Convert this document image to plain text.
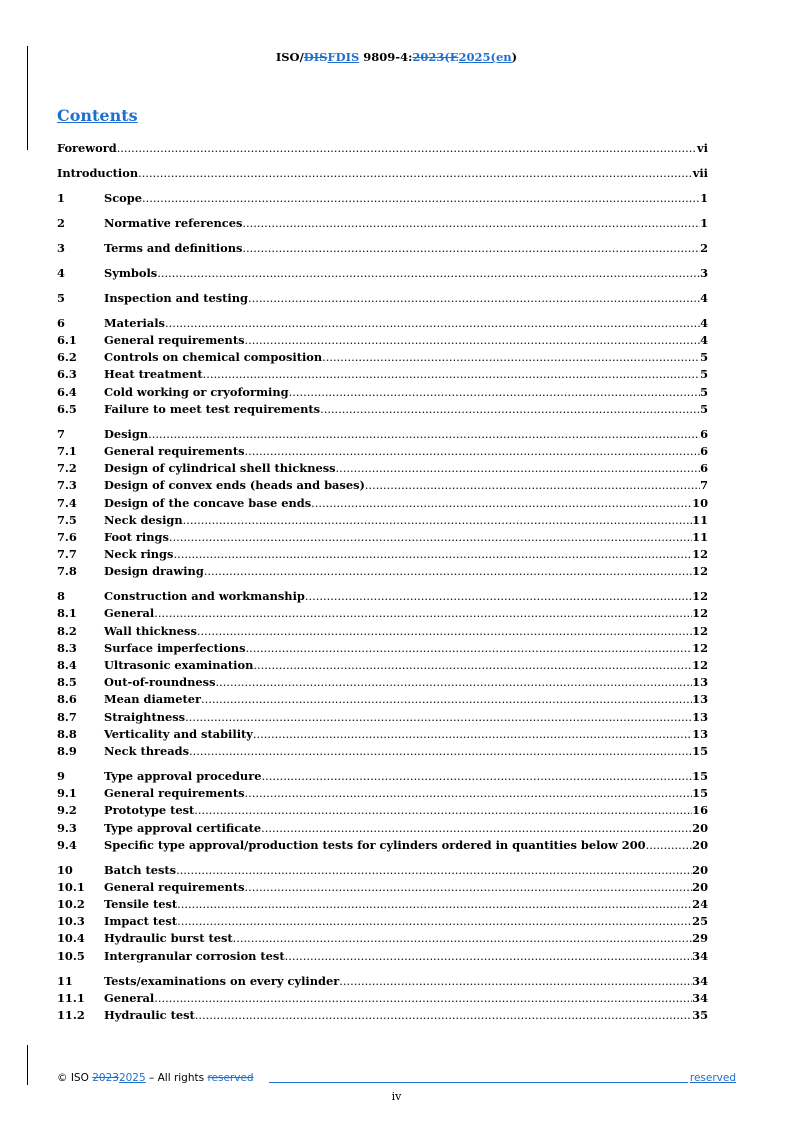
ISO/DISFDIS 9809-4:2023(E2025(en)
Contents
Foreword .....	vi
Introduction .....	vii
1	Scope .....	1
2	Normative references .....	1
3	Terms and definitions .....	2
4	Symbols .....	3
5	Inspection and testing .....	4
6	Materials .....	4
6.1	General requirements .....	4
6.2	Controls on chemical composition .....	5
6.3	Heat treatment .....	5
6.4	Cold working or cryoforming .....	5
6.5	Failure to meet test requirements .....	5
7	Design .....	6
7.1	General requirements .....	6
7.2	Design of cylindrical shell thickness .....	6
7.3	Design of convex ends (heads and bases) .....	7
7.4	Design of the concave base ends .....	10
7.5	Neck design .....	11
7.6	Foot rings .....	11
7.7	Neck rings .....	12
7.8	Design drawing .....	12
8	Construction and workmanship .....	12
8.1	General .....	12
8.2	Wall thickness .....	12
8.3	Surface imperfections .....	12
8.4	Ultrasonic examination .....	12
8.5	Out-of-roundness .....	13
8.6	Mean diameter .....	13
8.7	Straightness .....	13
8.8	Verticality and stability .....	13
8.9	Neck threads .....	15
9	Type approval procedure .....	15
9.1	General requirements .....	15
9.2	Prototype test .....	16
9.3	Type approval certificate .....	20
9.4	Specific type approval/production tests for cylinders ordered in quantities below 200 .....	20
10	Batch tests .....	20
10.1	General requirements .....	20
10.2	Tensile test .....	24
10.3	Impact test .....	25
10.4	Hydraulic burst test .....	29
10.5	Intergranular corrosion test .....	34
11	Tests/examinations on every cylinder .....	34
11.1	General .....	34
11.2	Hydraulic test .....	35
© ISO 20232025 – All rights reserved	reserved
iv
